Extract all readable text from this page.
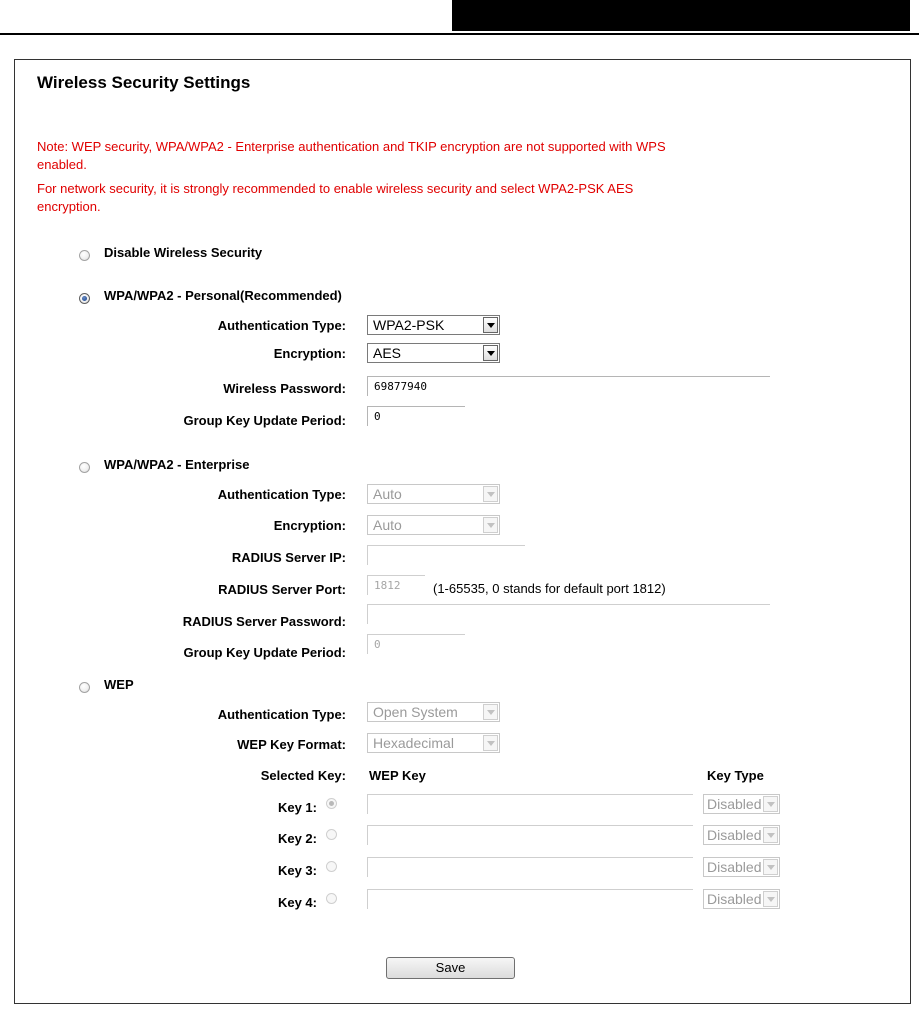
Wireless Security Settings
Note: WEP security, WPA/WPA2 - Enterprise authentication and TKIP encryption are not supported with WPS
enabled.
For network security, it is strongly recommended to enable wireless security and select WPA2-PSK AES
encryption.
Disable Wireless Security
WPA/WPA2 - Personal(Recommended)
Authentication Type: WPA2-PSK
Encryption: AES
Wireless Password:	69877940
Group Key Update Period:	0
WPA/WPA2 - Enterprise
Authentication Type: Auto
Encryption: Auto
RADIUS Server IP:
RADIUS Server Port:	1812	(1-65535, 0 stands for default port 1812)
RADIUS Server Password:
Group Key Update Period:
0
WEP
Authentication Type: Open System
WEP Key Format: Hexadecimal
Selected Key: WEP Key	Key Type
Key 1:	Disabled
Key 2:	Disabled
Key 3:	Disabled
Key 4:	Disabled
Save
